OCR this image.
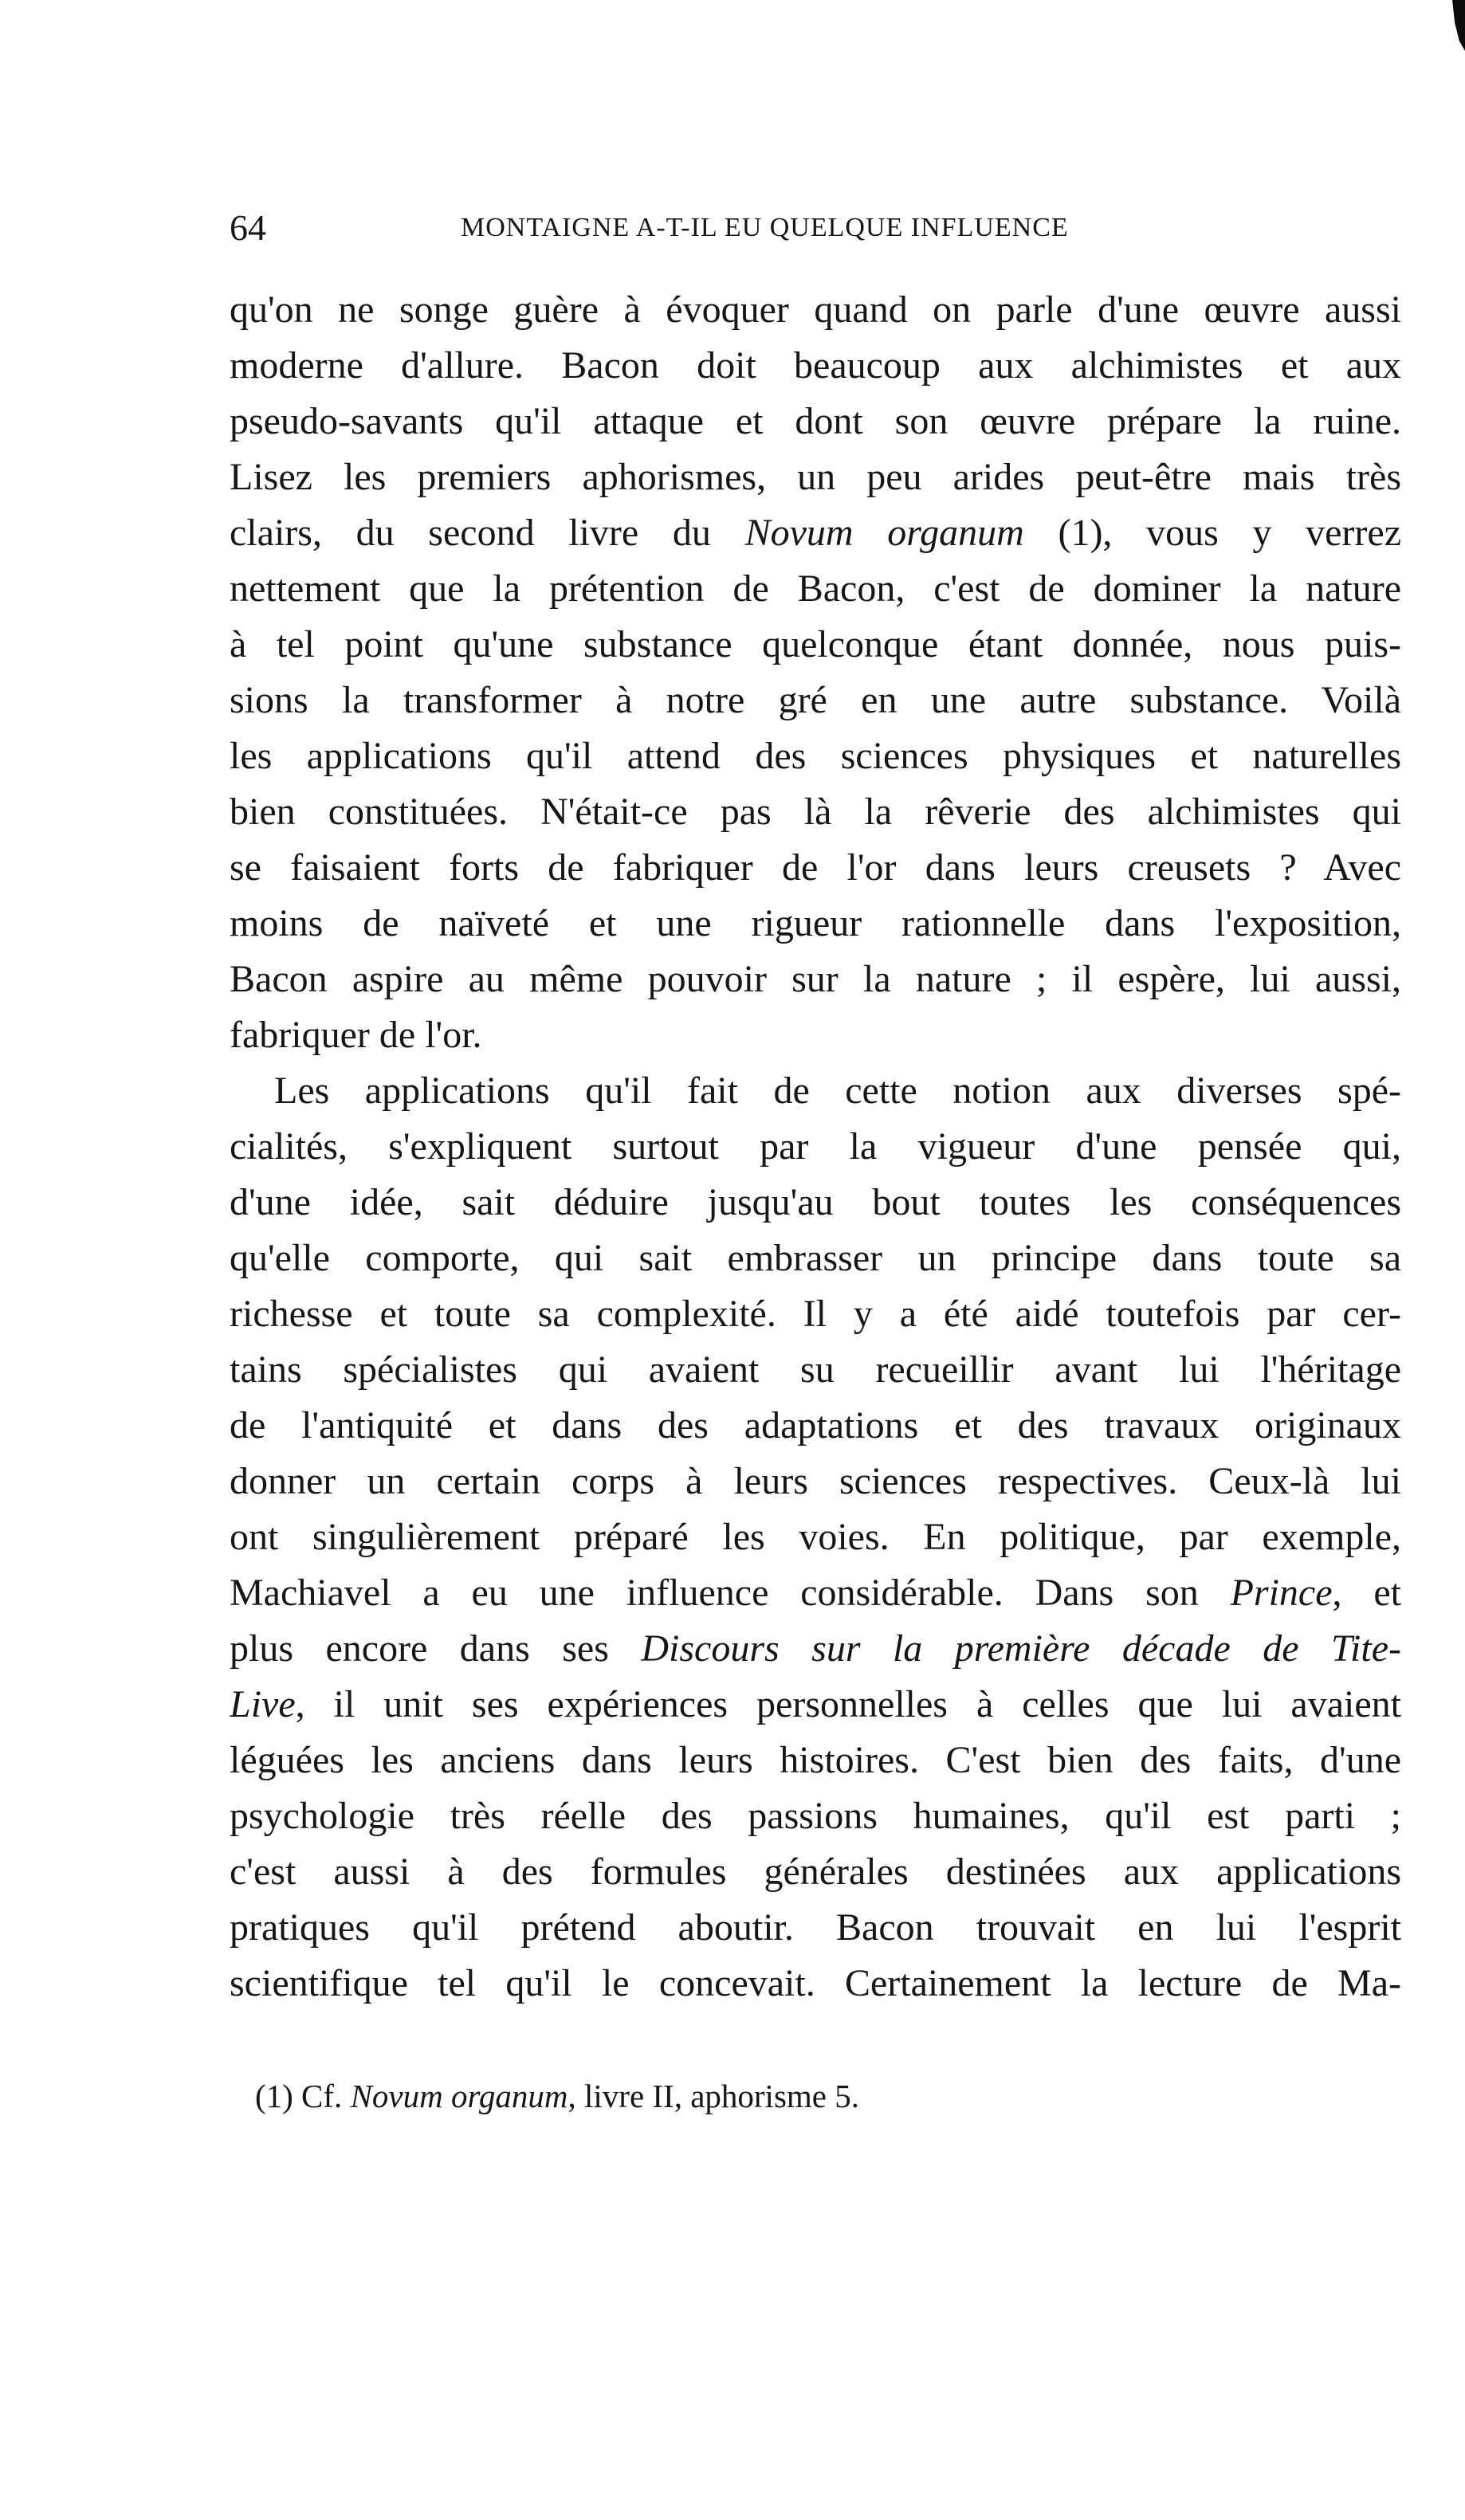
64	MONTAIGNE A-T-IL EU QUELQUE INFLUENCE
qu'on ne songe guère à évoquer quand on parle d'une œuvre aussi
moderne d'allure. Bacon doit beaucoup aux alchimistes et aux
pseudo-savants qu'il attaque et dont son œuvre prépare la ruine.
Lisez les premiers aphorismes, un peu arides peut-être mais très
clairs, du second livre du Novum organum (1), vous y verrez
nettement que la prétention de Bacon, c'est de dominer la nature
à tel point qu'une substance quelconque étant donnée, nous puis-
sions la transformer à notre gré en une autre substance. Voilà
les applications qu'il attend des sciences physiques et naturelles
bien constituées. N'était-ce pas là la rêverie des alchimistes qui
se faisaient forts de fabriquer de l'or dans leurs creusets ? Avec
moins de naïveté et une rigueur rationnelle dans l'exposition,
Bacon aspire au même pouvoir sur la nature ; il espère, lui aussi,
fabriquer de l'or.
Les applications qu'il fait de cette notion aux diverses spé-
cialités, s'expliquent surtout par la vigueur d'une pensée qui,
d'une idée, sait déduire jusqu'au bout toutes les conséquences
qu'elle comporte, qui sait embrasser un principe dans toute sa
richesse et toute sa complexité. Il y a été aidé toutefois par cer-
tains spécialistes qui avaient su recueillir avant lui l'héritage
de l'antiquité et dans des adaptations et des travaux originaux
donner un certain corps à leurs sciences respectives. Ceux-là lui
ont singulièrement préparé les voies. En politique, par exemple,
Machiavel a eu une influence considérable. Dans son Prince, et
plus encore dans ses Discours sur la première décade de Tite-
Live, il unit ses expériences personnelles à celles que lui avaient
léguées les anciens dans leurs histoires. C'est bien des faits, d'une
psychologie très réelle des passions humaines, qu'il est parti ;
c'est aussi à des formules générales destinées aux applications
pratiques qu'il prétend aboutir. Bacon trouvait en lui l'esprit
scientifique tel qu'il le concevait. Certainement la lecture de Ma-
(1) Cf. Novum organum, livre II, aphorisme 5.
